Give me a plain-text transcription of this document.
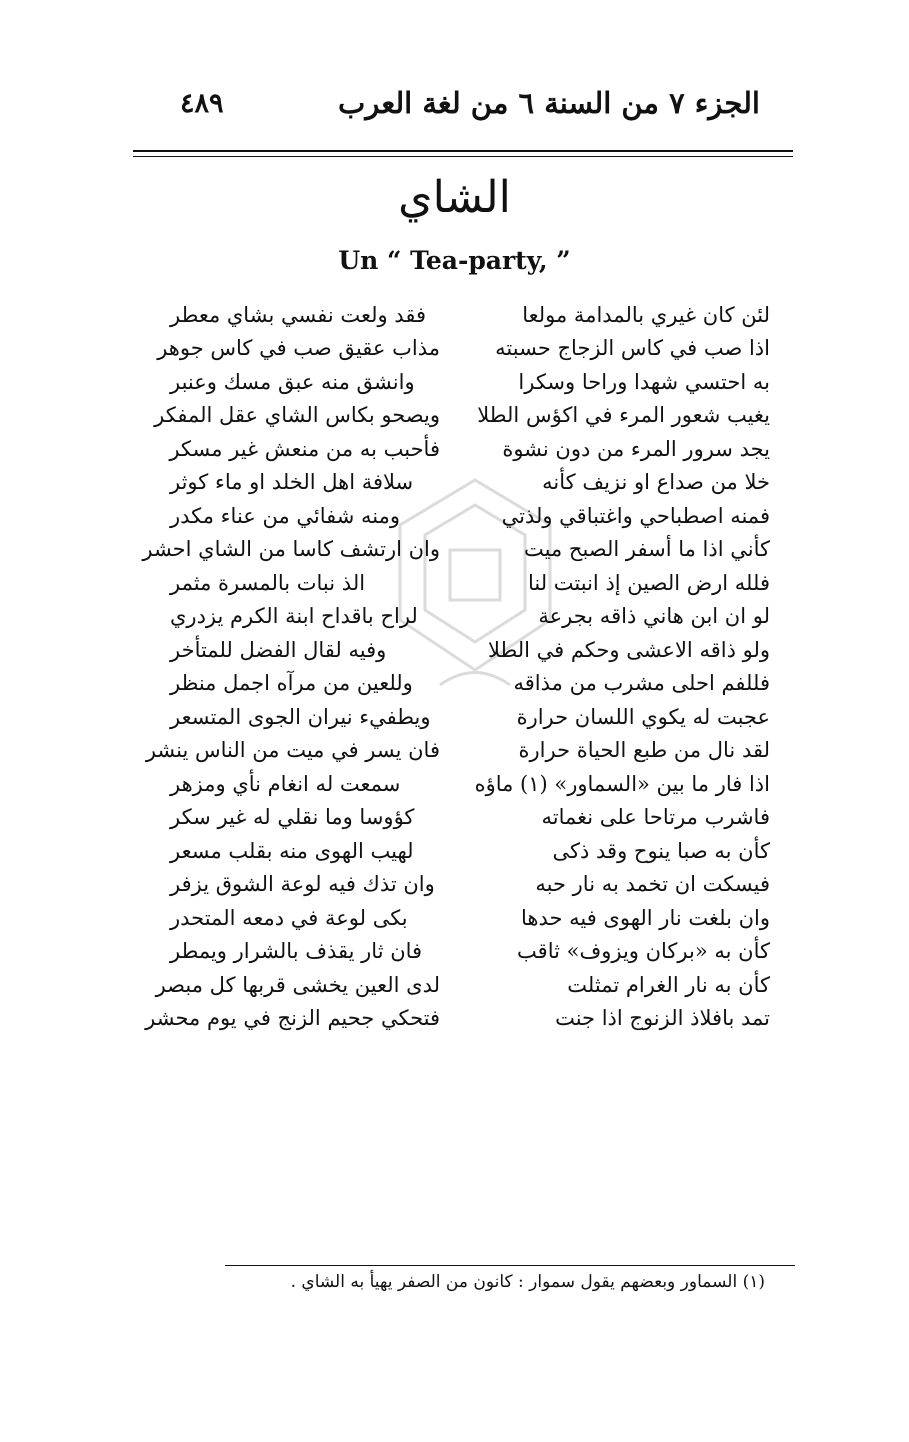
الجزء ٧ من السنة ٦ من لغة العرب
٤٨٩
الشاي
Un “ Tea-party, ”
لئن كان غيري بالمدامة مولعا
فقد ولعت نفسي بشاي معطر
اذا صب في كاس الزجاج حسبته
مذاب عقيق صب في كاس جوهر
به احتسي شهدا وراحا وسكرا
وانشق منه عبق مسك وعنبر
يغيب شعور المرء في اكؤس الطلا
ويصحو بكاس الشاي عقل المفكر
يجد سرور المرء من دون نشوة
فأحبب به من منعش غير مسكر
خلا من صداع او نزيف كأنه
سلافة اهل الخلد او ماء كوثر
فمنه اصطباحي واغتباقي ولذتي
ومنه شفائي من عناء مكدر
كأني اذا ما أسفر الصبح ميت
وان ارتشف كاسا من الشاي احشر
فلله ارض الصين إذ انبتت لنا
الذ نبات بالمسرة مثمر
لو ان ابن هاني ذاقه بجرعة
لراح باقداح ابنة الكرم يزدري
ولو ذاقه الاعشى وحكم في الطلا
وفيه لقال الفضل للمتأخر
فللفم احلى مشرب من مذاقه
وللعين من مرآه اجمل منظر
عجبت له يكوي اللسان حرارة
ويطفيء نيران الجوى المتسعر
لقد نال من طبع الحياة حرارة
فان يسر في ميت من الناس ينشر
اذا فار ما بين «السماور» (١) ماؤه
سمعت له انغام نأي ومزهر
فاشرب مرتاحا على نغماته
كؤوسا وما نقلي له غير سكر
كأن به صبا ينوح وقد ذكى
لهيب الهوى منه بقلب مسعر
فيسكت ان تخمد به نار حبه
وان تذك فيه لوعة الشوق يزفر
وان بلغت نار الهوى فيه حدها
بكى لوعة في دمعه المتحدر
كأن به «بركان ويزوف» ثاقب
فان ثار يقذف بالشرار ويمطر
كأن به نار الغرام تمثلت
لدى العين يخشى قربها كل مبصر
تمد بافلاذ الزنوج اذا جنت
فتحكي جحيم الزنج في يوم محشر
(١) السماور وبعضهم يقول سموار : كانون من الصفر يهيأ به الشاي .
